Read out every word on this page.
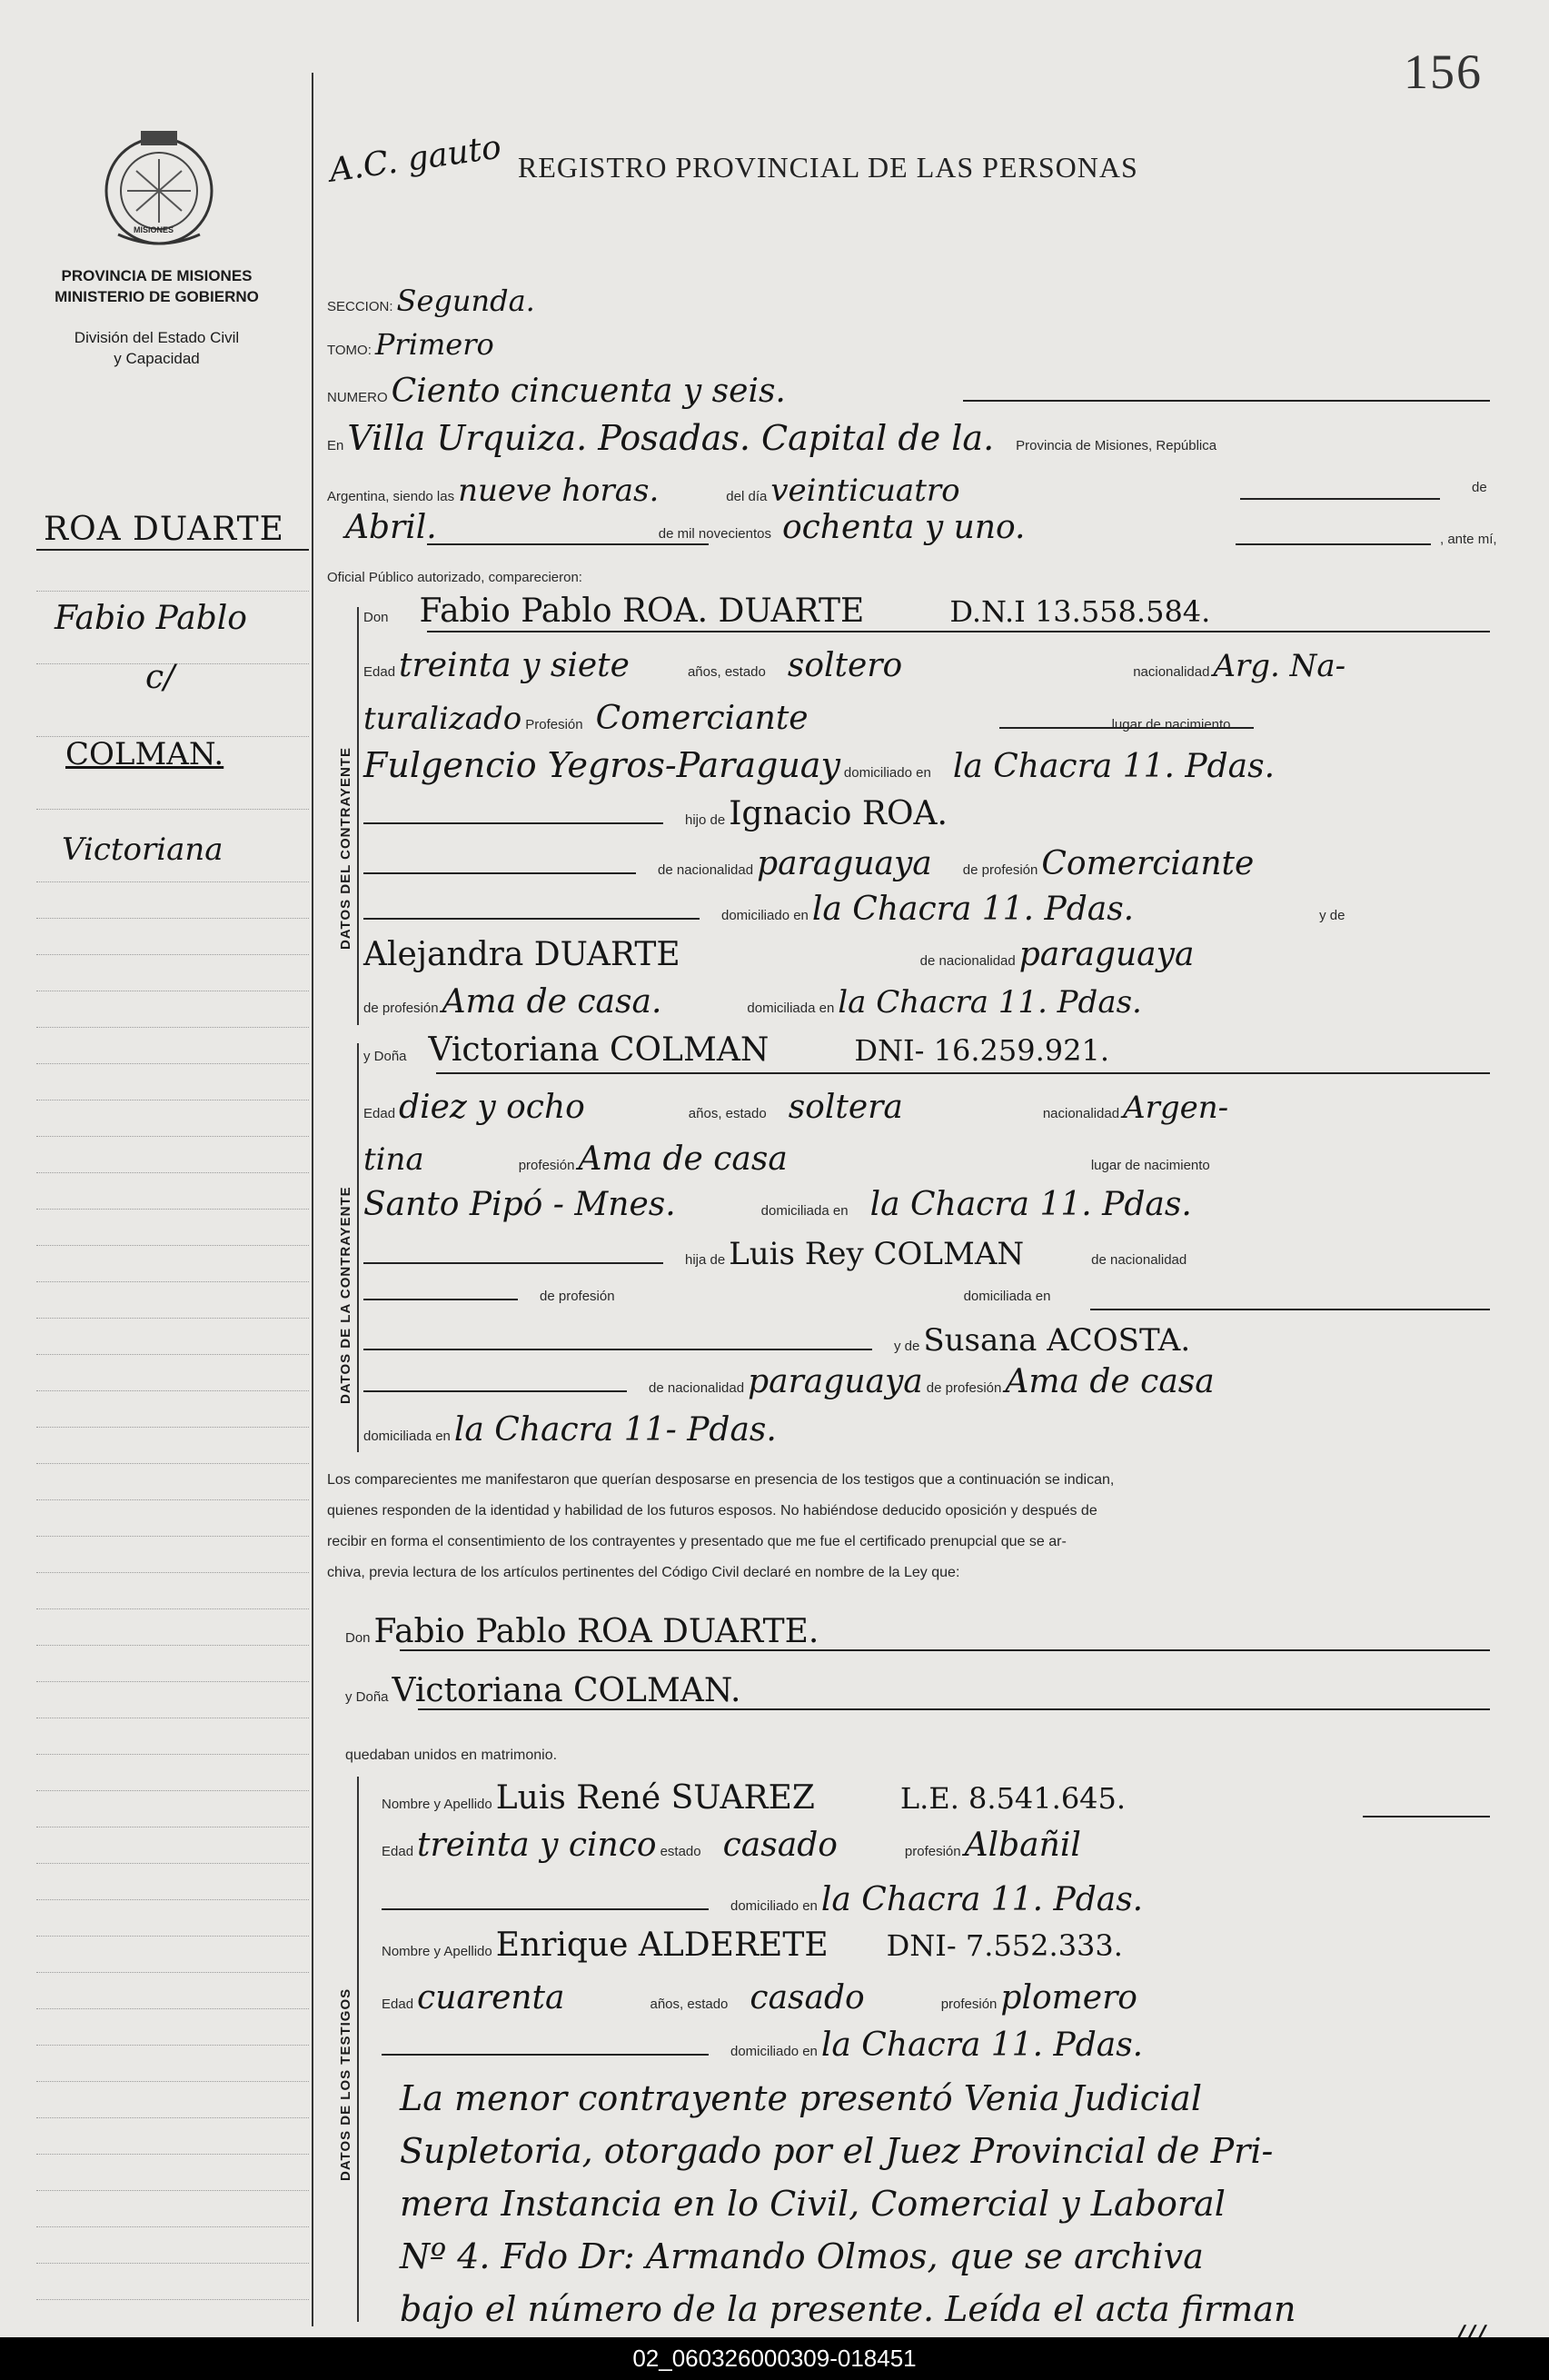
156
MISIONES
PROVINCIA DE MISIONES
MINISTERIO DE GOBIERNO
División del Estado Civil
y Capacidad
ROA DUARTE
Fabio Pablo
c/
COLMAN.
Victoriana
A.C. gauto REGISTRO PROVINCIAL DE LAS PERSONAS
SECCION: Segunda.
TOMO: Primero
NUMERO Ciento cincuenta y seis.
En Villa Urquiza. Posadas. Capital de la. Provincia de Misiones, República
Argentina, siendo las nueve horas.	del día veinticuatro	de
Abril.	de mil novecientos ochenta y uno.	, ante mí,
Oficial Público autorizado, comparecieron:
DATOS DEL CONTRAYENTE
Don Fabio Pablo ROA. DUARTE	D.N.I 13.558.584.
Edad treinta y siete	años, estado soltero	nacionalidad Arg. Na-
turalizado Profesión Comerciante	lugar de nacimiento
Fulgencio Yegros-Paraguay domiciliado en la Chacra 11. Pdas.
hijo de Ignacio ROA.
de nacionalidad paraguaya de profesión Comerciante
domiciliado en la Chacra 11. Pdas.	y de
Alejandra DUARTE	de nacionalidad paraguaya
de profesión Ama de casa.	domiciliada en la Chacra 11. Pdas.
DATOS DE LA CONTRAYENTE
y Doña Victoriana COLMAN	DNI- 16.259.921.
Edad diez y ocho	años, estado soltera	nacionalidad Argen-
tina	profesión Ama de casa	lugar de nacimiento
Santo Pipó - Mnes.	domiciliada en la Chacra 11. Pdas.
hija de Luis Rey COLMAN	de nacionalidad
de profesión	domiciliada en
y de Susana ACOSTA.
de nacionalidad paraguaya de profesión Ama de casa
domiciliada en la Chacra 11- Pdas.
Los comparecientes me manifestaron que querían desposarse en presencia de los testigos que a continuación se indican,
quienes responden de la identidad y habilidad de los futuros esposos. No habiéndose deducido oposición y después de
recibir en forma el consentimiento de los contrayentes y presentado que me fue el certificado prenupcial que se ar-
chiva, previa lectura de los artículos pertinentes del Código Civil declaré en nombre de la Ley que:
Don Fabio Pablo ROA DUARTE.
y Doña Victoriana COLMAN.
quedaban unidos en matrimonio.
DATOS DE LOS TESTIGOS
Nombre y Apellido Luis René SUAREZ	L.E. 8.541.645.
Edad treinta y cinco estado casado	profesión Albañil
domiciliado en la Chacra 11. Pdas.
Nombre y Apellido Enrique ALDERETE DNI- 7.552.333.
Edad cuarenta	años, estado casado	profesión plomero
domiciliado en la Chacra 11. Pdas.
La menor contrayente presentó Venia Judicial
Supletoria, otorgado por el Juez Provincial de Pri-
mera Instancia en lo Civil, Comercial y Laboral
Nº 4. Fdo Dr: Armando Olmos, que se archiva
bajo el número de la presente. Leída el acta firman
02_060326000309-018451
